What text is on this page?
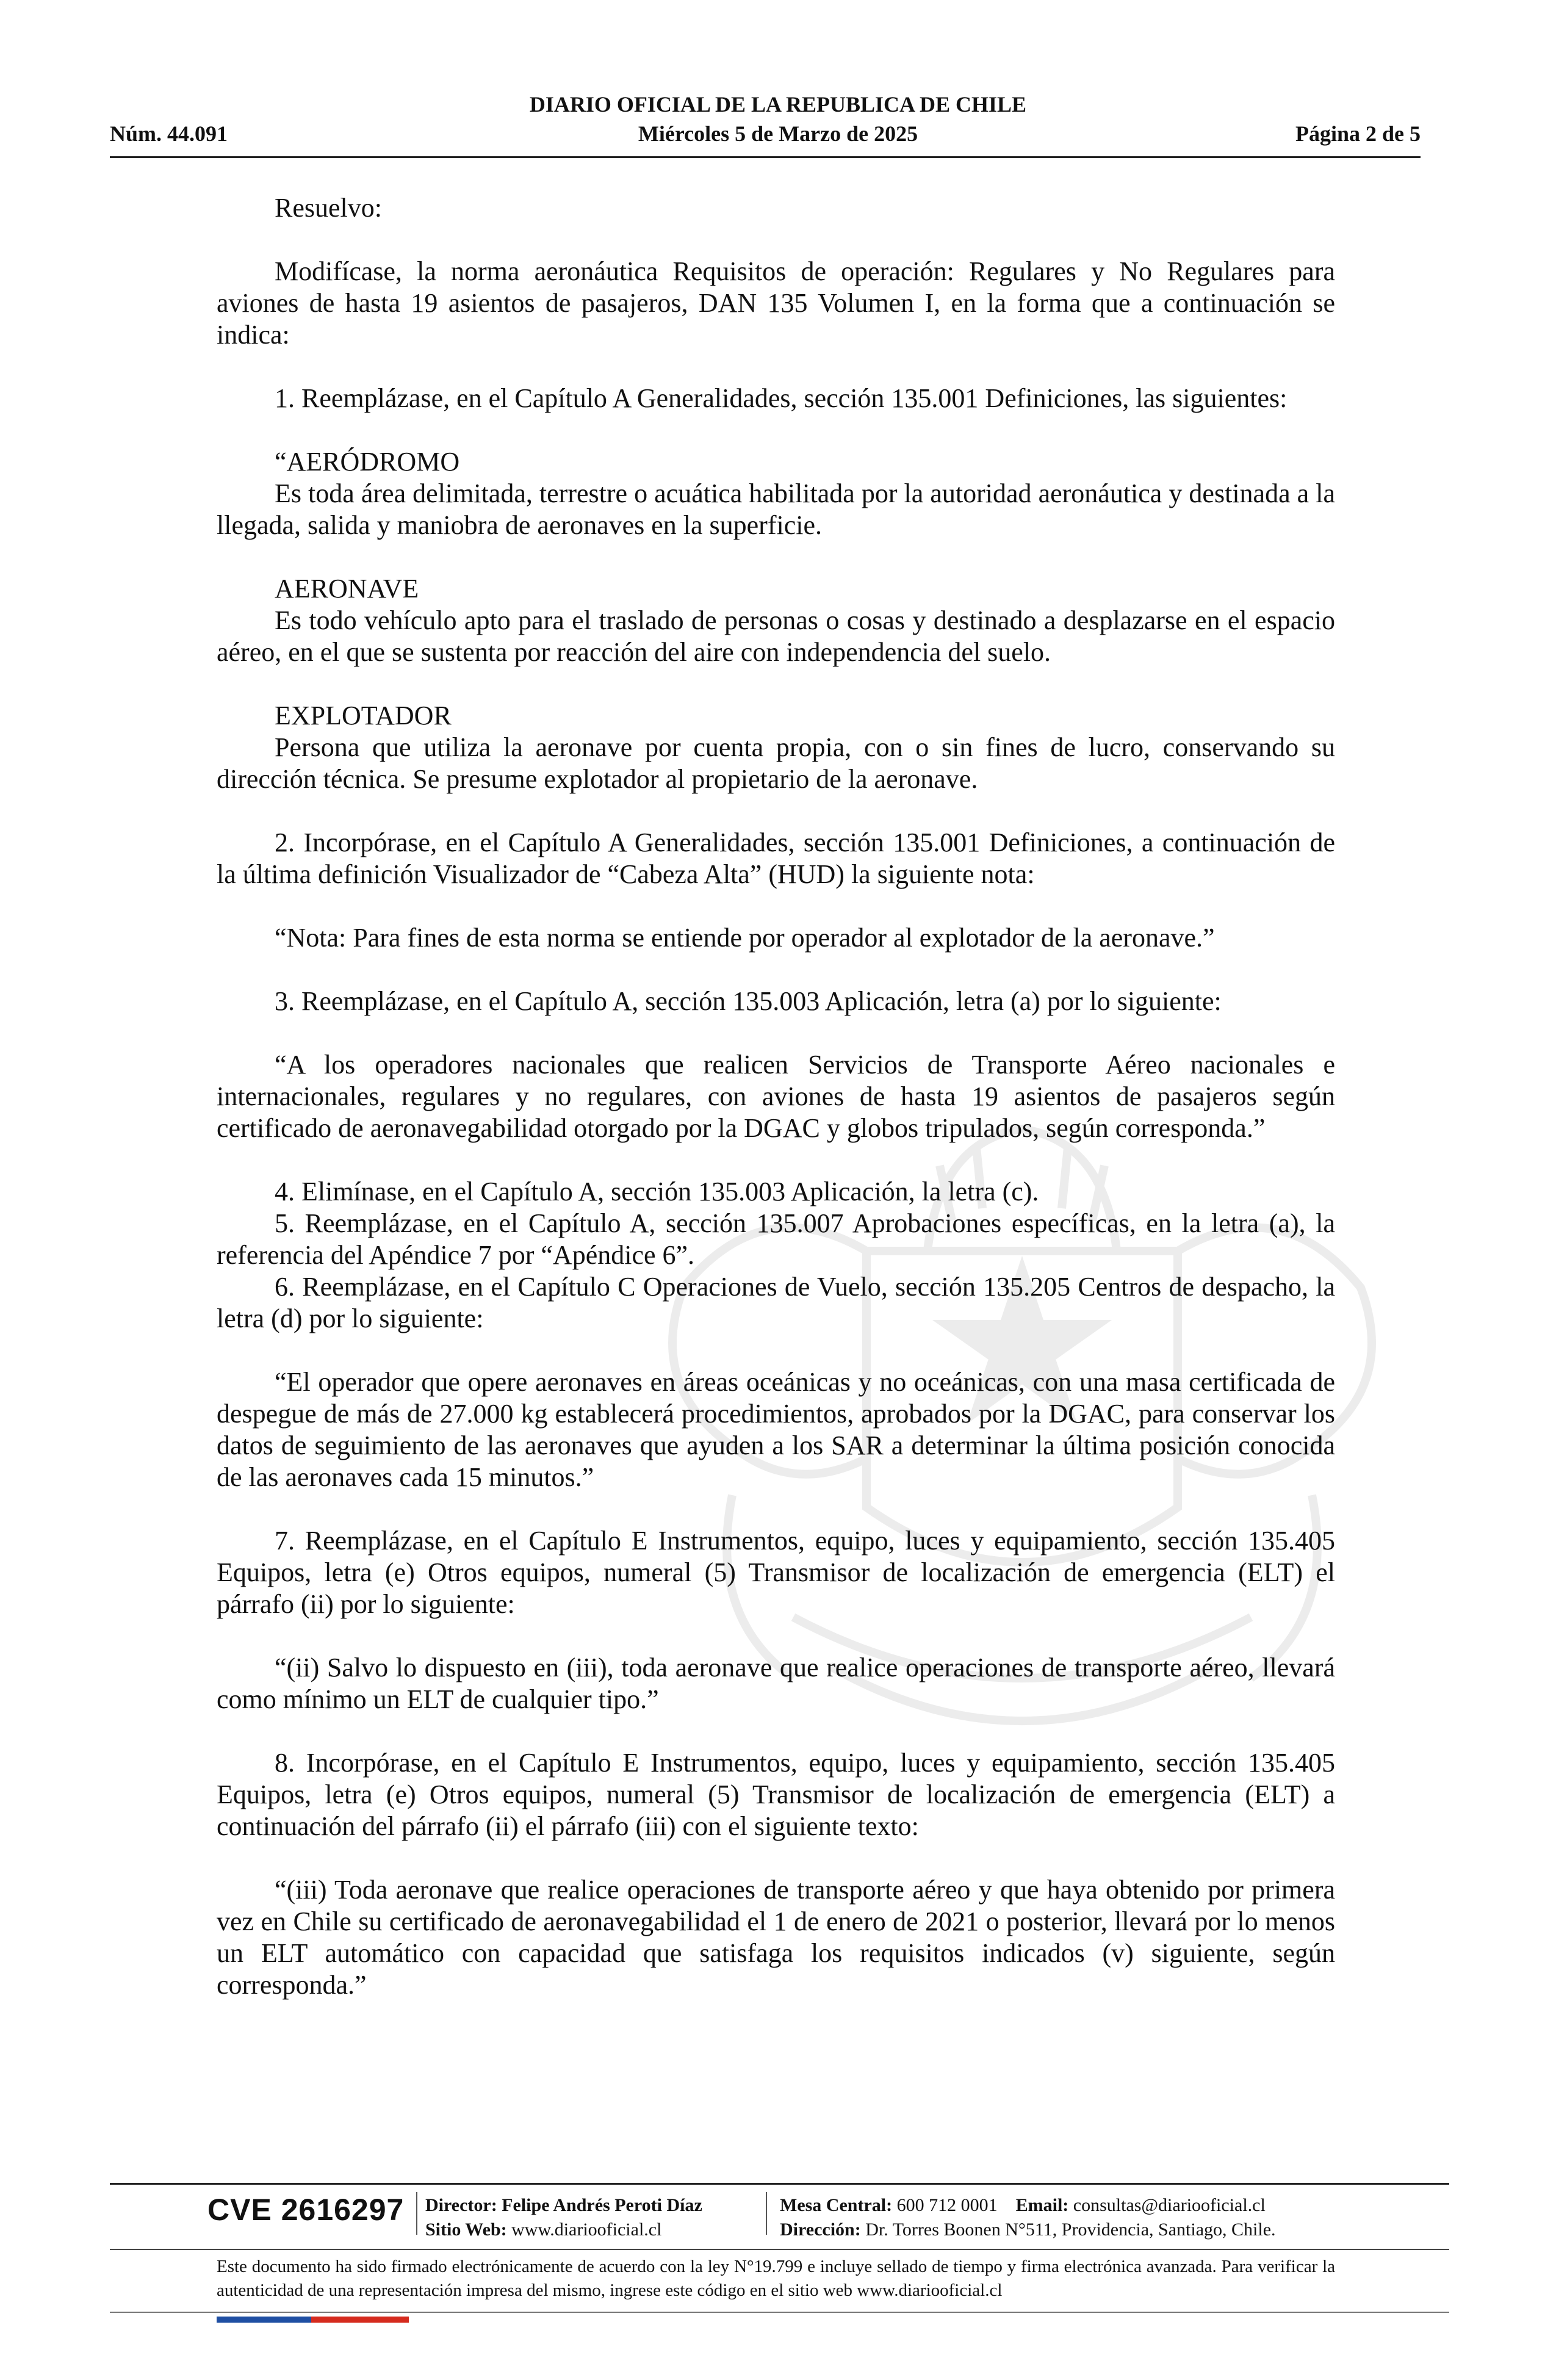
DIARIO OFICIAL DE LA REPUBLICA DE CHILE
Núm. 44.091	Miércoles 5 de Marzo de 2025	Página 2 de 5

Resuelvo:

Modifícase, la norma aeronáutica Requisitos de operación: Regulares y No Regulares para aviones de hasta 19 asientos de pasajeros, DAN 135 Volumen I, en la forma que a continuación se indica:

1. Reemplázase, en el Capítulo A Generalidades, sección 135.001 Definiciones, las siguientes:

“AERÓDROMO

Es toda área delimitada, terrestre o acuática habilitada por la autoridad aeronáutica y destinada a la llegada, salida y maniobra de aeronaves en la superficie.

AERONAVE

Es todo vehículo apto para el traslado de personas o cosas y destinado a desplazarse en el espacio aéreo, en el que se sustenta por reacción del aire con independencia del suelo.

EXPLOTADOR

Persona que utiliza la aeronave por cuenta propia, con o sin fines de lucro, conservando su dirección técnica. Se presume explotador al propietario de la aeronave.

2. Incorpórase, en el Capítulo A Generalidades, sección 135.001 Definiciones, a continuación de la última definición Visualizador de “Cabeza Alta” (HUD) la siguiente nota:

“Nota: Para fines de esta norma se entiende por operador al explotador de la aeronave.”

3. Reemplázase, en el Capítulo A, sección 135.003 Aplicación, letra (a) por lo siguiente:

“A los operadores nacionales que realicen Servicios de Transporte Aéreo nacionales e internacionales, regulares y no regulares, con aviones de hasta 19 asientos de pasajeros según certificado de aeronavegabilidad otorgado por la DGAC y globos tripulados, según corresponda.”

4. Elimínase, en el Capítulo A, sección 135.003 Aplicación, la letra (c).

5. Reemplázase, en el Capítulo A, sección 135.007 Aprobaciones específicas, en la letra (a), la referencia del Apéndice 7 por “Apéndice 6”.

6. Reemplázase, en el Capítulo C Operaciones de Vuelo, sección 135.205 Centros de despacho, la letra (d) por lo siguiente:

“El operador que opere aeronaves en áreas oceánicas y no oceánicas, con una masa certificada de despegue de más de 27.000 kg establecerá procedimientos, aprobados por la DGAC, para conservar los datos de seguimiento de las aeronaves que ayuden a los SAR a determinar la última posición conocida de las aeronaves cada 15 minutos.”

7. Reemplázase, en el Capítulo E Instrumentos, equipo, luces y equipamiento, sección 135.405 Equipos, letra (e) Otros equipos, numeral (5) Transmisor de localización de emergencia (ELT) el párrafo (ii) por lo siguiente:

“(ii) Salvo lo dispuesto en (iii), toda aeronave que realice operaciones de transporte aéreo, llevará como mínimo un ELT de cualquier tipo.”

8. Incorpórase, en el Capítulo E Instrumentos, equipo, luces y equipamiento, sección 135.405 Equipos, letra (e) Otros equipos, numeral (5) Transmisor de localización de emergencia (ELT) a continuación del párrafo (ii) el párrafo (iii) con el siguiente texto:

“(iii) Toda aeronave que realice operaciones de transporte aéreo y que haya obtenido por primera vez en Chile su certificado de aeronavegabilidad el 1 de enero de 2021 o posterior, llevará por lo menos un ELT automático con capacidad que satisfaga los requisitos indicados (v) siguiente, según corresponda.”

CVE 2616297 Director: Felipe Andrés Peroti Díaz
Sitio Web: www.diariooficial.cl
Mesa Central: 600 712 0001 Email: consultas@diariooficial.cl
Dirección: Dr. Torres Boonen N°511, Providencia, Santiago, Chile.
Este documento ha sido firmado electrónicamente de acuerdo con la ley N°19.799 e incluye sellado de tiempo y firma electrónica avanzada. Para verificar la autenticidad de una representación impresa del mismo, ingrese este código en el sitio web www.diariooficial.cl
